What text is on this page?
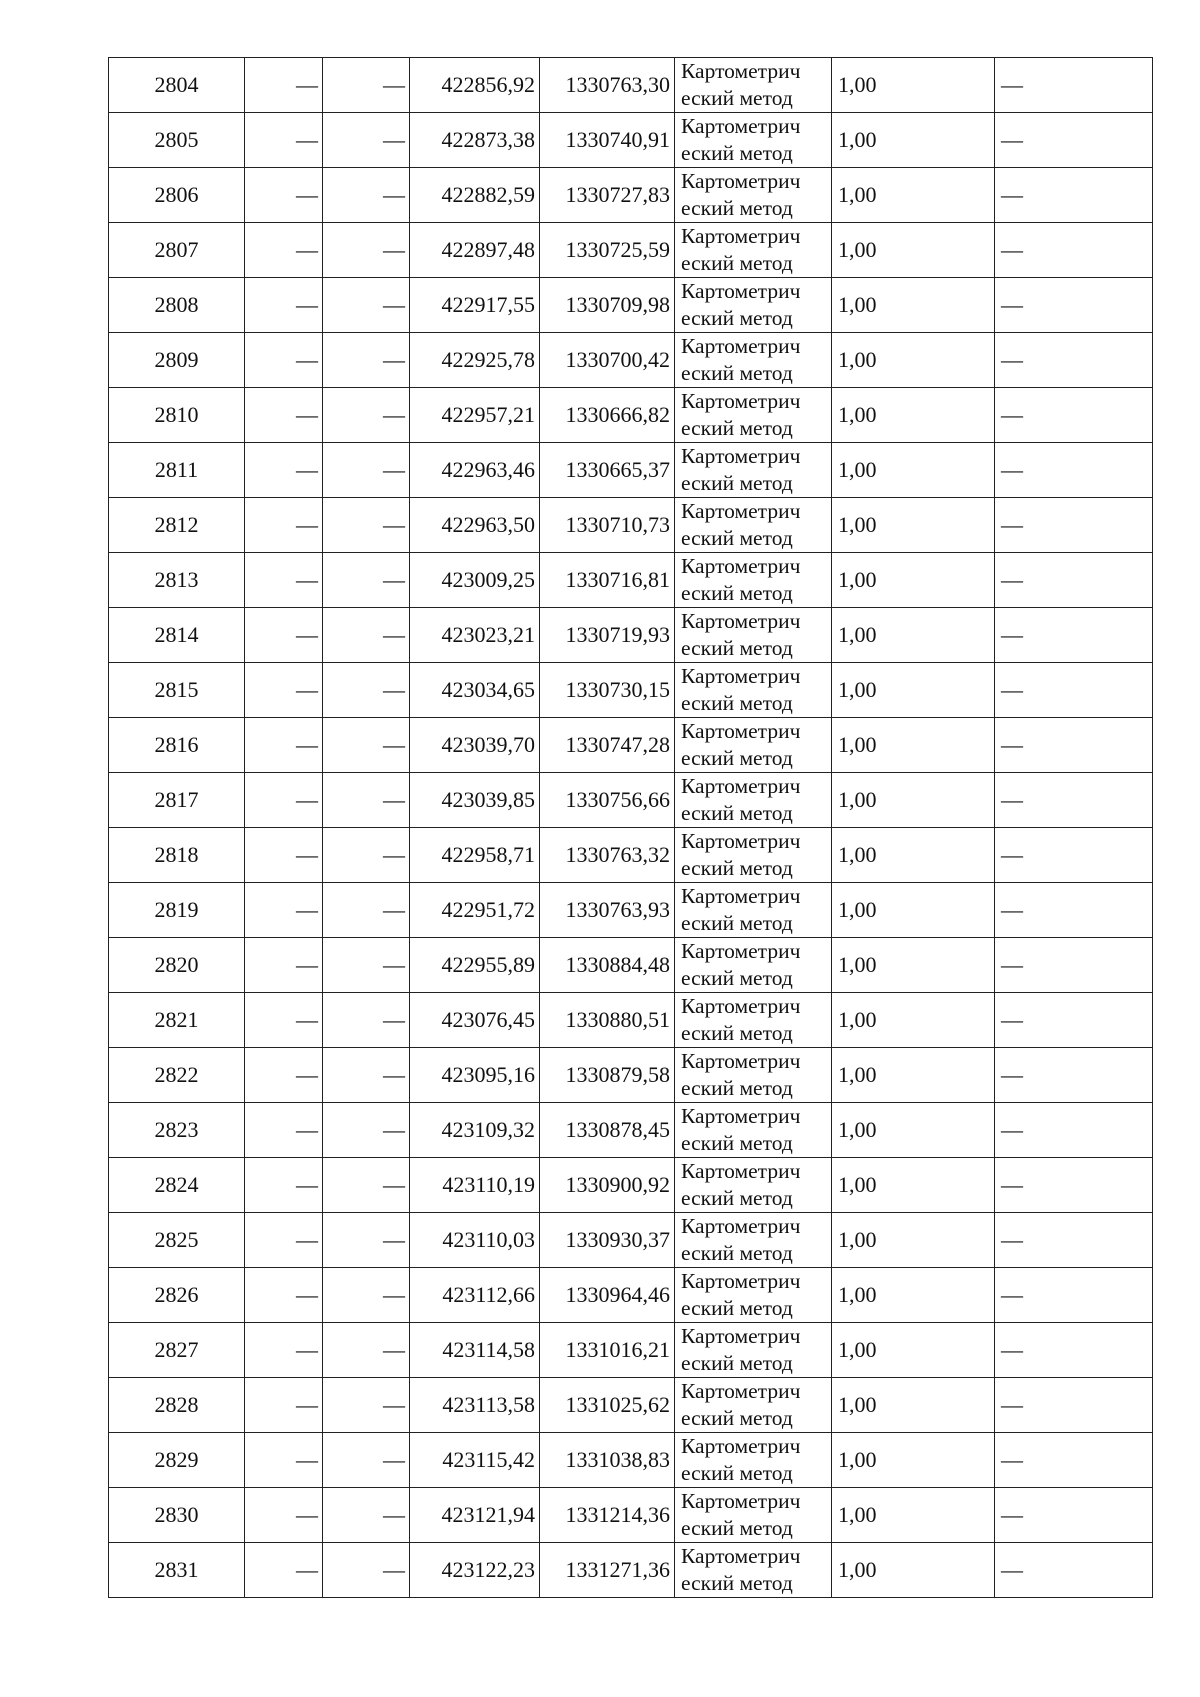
2804	—	—	422856,92	1330763,30	Картометрич
еский метод	1,00	—
2805	—	—	422873,38	1330740,91	Картометрич
еский метод	1,00	—
2806	—	—	422882,59	1330727,83	Картометрич
еский метод	1,00	—
2807	—	—	422897,48	1330725,59	Картометрич
еский метод	1,00	—
2808	—	—	422917,55	1330709,98	Картометрич
еский метод	1,00	—
2809	—	—	422925,78	1330700,42	Картометрич
еский метод	1,00	—
2810	—	—	422957,21	1330666,82	Картометрич
еский метод	1,00	—
2811	—	—	422963,46	1330665,37	Картометрич
еский метод	1,00	—
2812	—	—	422963,50	1330710,73	Картометрич
еский метод	1,00	—
2813	—	—	423009,25	1330716,81	Картометрич
еский метод	1,00	—
2814	—	—	423023,21	1330719,93	Картометрич
еский метод	1,00	—
2815	—	—	423034,65	1330730,15	Картометрич
еский метод	1,00	—
2816	—	—	423039,70	1330747,28	Картометрич
еский метод	1,00	—
2817	—	—	423039,85	1330756,66	Картометрич
еский метод	1,00	—
2818	—	—	422958,71	1330763,32	Картометрич
еский метод	1,00	—
2819	—	—	422951,72	1330763,93	Картометрич
еский метод	1,00	—
2820	—	—	422955,89	1330884,48	Картометрич
еский метод	1,00	—
2821	—	—	423076,45	1330880,51	Картометрич
еский метод	1,00	—
2822	—	—	423095,16	1330879,58	Картометрич
еский метод	1,00	—
2823	—	—	423109,32	1330878,45	Картометрич
еский метод	1,00	—
2824	—	—	423110,19	1330900,92	Картометрич
еский метод	1,00	—
2825	—	—	423110,03	1330930,37	Картометрич
еский метод	1,00	—
2826	—	—	423112,66	1330964,46	Картометрич
еский метод	1,00	—
2827	—	—	423114,58	1331016,21	Картометрич
еский метод	1,00	—
2828	—	—	423113,58	1331025,62	Картометрич
еский метод	1,00	—
2829	—	—	423115,42	1331038,83	Картометрич
еский метод	1,00	—
2830	—	—	423121,94	1331214,36	Картометрич
еский метод	1,00	—
2831	—	—	423122,23	1331271,36	Картометрич
еский метод	1,00	—
